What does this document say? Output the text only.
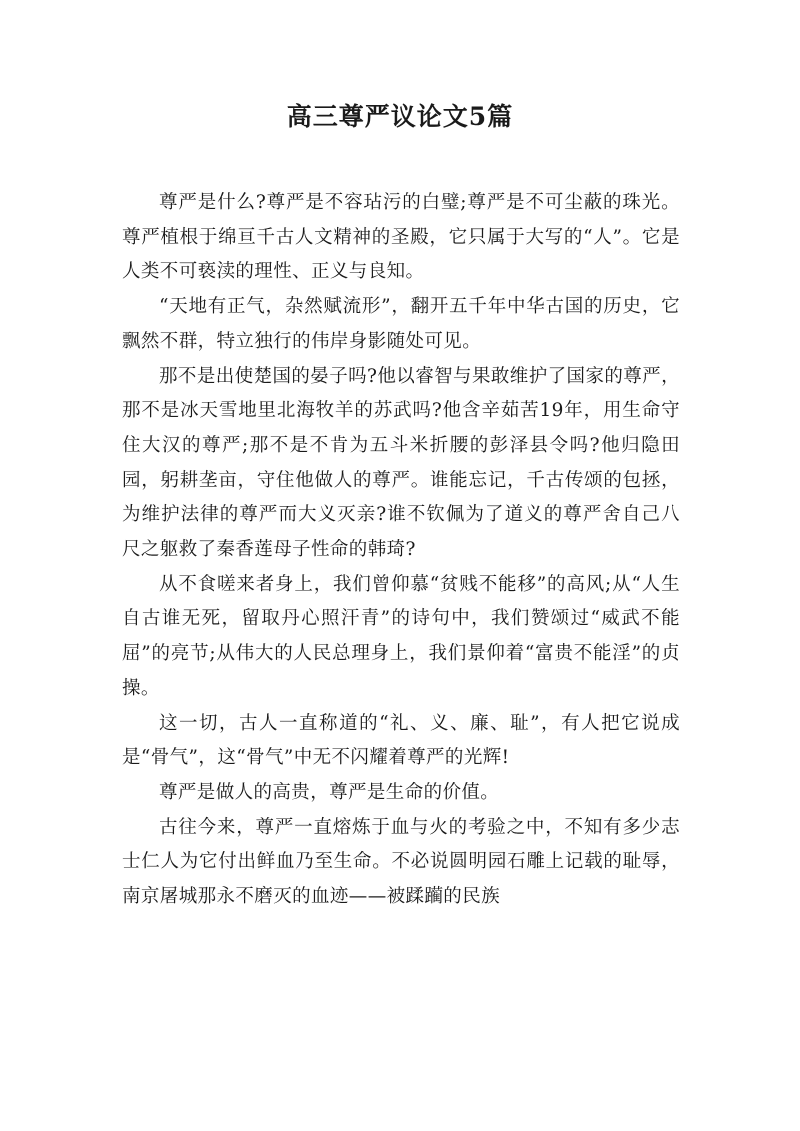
高三尊严议论文5篇

尊严是什么?尊严是不容玷污的白璧;尊严是不可尘蔽的珠光。尊严植根于绵亘千古人文精神的圣殿，它只属于大写的“人”。它是人类不可亵渎的理性、正义与良知。

“天地有正气，杂然赋流形”，翻开五千年中华古国的历史，它飘然不群，特立独行的伟岸身影随处可见。

那不是出使楚国的晏子吗?他以睿智与果敢维护了国家的尊严，那不是冰天雪地里北海牧羊的苏武吗?他含辛茹苦19年，用生命守住大汉的尊严;那不是不肯为五斗米折腰的彭泽县令吗?他归隐田园，躬耕垄亩，守住他做人的尊严。谁能忘记，千古传颂的包拯，为维护法律的尊严而大义灭亲?谁不钦佩为了道义的尊严舍自己八尺之躯救了秦香莲母子性命的韩琦?

从不食嗟来者身上，我们曾仰慕“贫贱不能移”的高风;从“人生自古谁无死，留取丹心照汗青”的诗句中，我们赞颂过“威武不能屈”的亮节;从伟大的人民总理身上，我们景仰着“富贵不能淫”的贞操。

这一切，古人一直称道的“礼、义、廉、耻”，有人把它说成是“骨气”，这“骨气”中无不闪耀着尊严的光辉!

尊严是做人的高贵，尊严是生命的价值。

古往今来，尊严一直熔炼于血与火的考验之中，不知有多少志士仁人为它付出鲜血乃至生命。不必说圆明园石雕上记载的耻辱，南京屠城那永不磨灭的血迹——被蹂躏的民族
